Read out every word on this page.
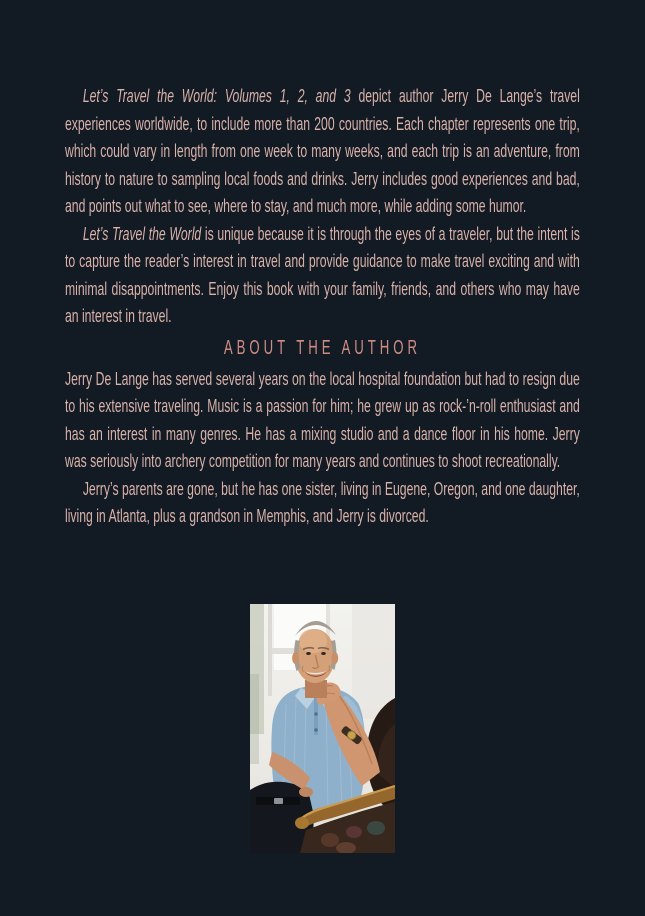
Let’s Travel the World: Volumes 1, 2, and 3 depict author Jerry De Lange’s travel experiences worldwide, to include more than 200 countries. Each chapter represents one trip, which could vary in length from one week to many weeks, and each trip is an adventure, from history to nature to sampling local foods and drinks. Jerry includes good experiences and bad, and points out what to see, where to stay, and much more, while adding some humor.

Let’s Travel the World is unique because it is through the eyes of a traveler, but the intent is to capture the reader’s interest in travel and provide guidance to make travel exciting and with minimal disappointments. Enjoy this book with your family, friends, and others who may have an interest in travel.

ABOUT THE AUTHOR

Jerry De Lange has served several years on the local hospital foundation but had to resign due to his extensive traveling. Music is a passion for him; he grew up as rock-’n-roll enthusiast and has an interest in many genres. He has a mixing studio and a dance floor in his home. Jerry was seriously into archery competition for many years and continues to shoot recreationally.

Jerry’s parents are gone, but he has one sister, living in Eugene, Oregon, and one daughter, living in Atlanta, plus a grandson in Memphis, and Jerry is divorced.
